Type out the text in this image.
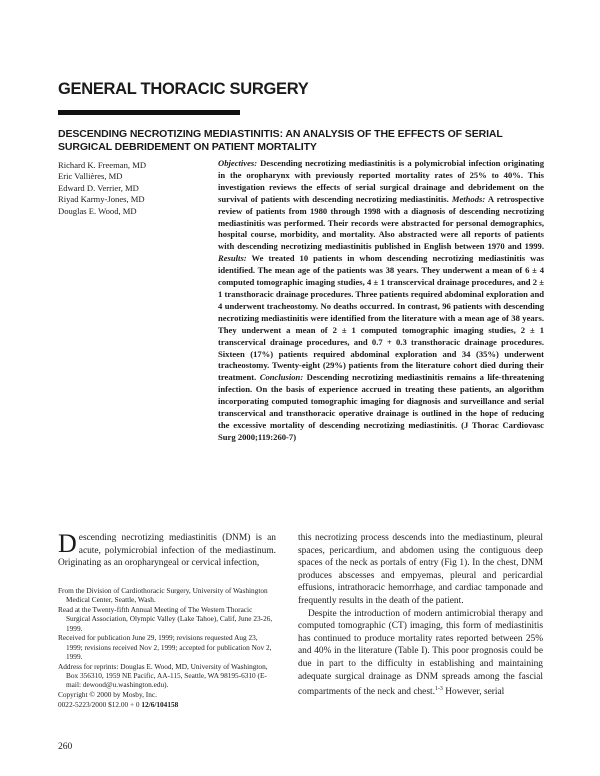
GENERAL THORACIC SURGERY
DESCENDING NECROTIZING MEDIASTINITIS: AN ANALYSIS OF THE EFFECTS OF SERIAL SURGICAL DEBRIDEMENT ON PATIENT MORTALITY
Richard K. Freeman, MD
Eric Vallières, MD
Edward D. Verrier, MD
Riyad Karmy-Jones, MD
Douglas E. Wood, MD
Objectives: Descending necrotizing mediastinitis is a polymicrobial infection originating in the oropharynx with previously reported mortality rates of 25% to 40%. This investigation reviews the effects of serial surgical drainage and debridement on the survival of patients with descending necrotizing mediastinitis. Methods: A retrospective review of patients from 1980 through 1998 with a diagnosis of descending necrotizing mediastinitis was performed. Their records were abstracted for personal demographics, hospital course, morbidity, and mortality. Also abstracted were all reports of patients with descending necrotizing mediastinitis published in English between 1970 and 1999. Results: We treated 10 patients in whom descending necrotizing mediastinitis was identified. The mean age of the patients was 38 years. They underwent a mean of 6 ± 4 computed tomographic imaging studies, 4 ± 1 transcervical drainage procedures, and 2 ± 1 transthoracic drainage procedures. Three patients required abdominal exploration and 4 underwent tracheostomy. No deaths occurred. In contrast, 96 patients with descending necrotizing mediastinitis were identified from the literature with a mean age of 38 years. They underwent a mean of 2 ± 1 computed tomographic imaging studies, 2 ± 1 transcervical drainage procedures, and 0.7 + 0.3 transthoracic drainage procedures. Sixteen (17%) patients required abdominal exploration and 34 (35%) underwent tracheostomy. Twenty-eight (29%) patients from the literature cohort died during their treatment. Conclusion: Descending necrotizing mediastinitis remains a life-threatening infection. On the basis of experience accrued in treating these patients, an algorithm incorporating computed tomographic imaging for diagnosis and surveillance and serial transcervical and transthoracic operative drainage is outlined in the hope of reducing the excessive mortality of descending necrotizing mediastinitis. (J Thorac Cardiovasc Surg 2000;119:260-7)
Descending necrotizing mediastinitis (DNM) is an acute, polymicrobial infection of the mediastinum. Originating as an oropharyngeal or cervical infection,

From the Division of Cardiothoracic Surgery, University of Washington Medical Center, Seattle, Wash.

Read at the Twenty-fifth Annual Meeting of The Western Thoracic Surgical Association, Olympic Valley (Lake Tahoe), Calif, June 23-26, 1999.

Received for publication June 29, 1999; revisions requested Aug 23, 1999; revisions received Nov 2, 1999; accepted for publication Nov 2, 1999.

Address for reprints: Douglas E. Wood, MD, University of Washington, Box 356310, 1959 NE Pacific, AA-115, Seattle, WA 98195-6310 (E-mail: dewood@u.washington.edu).

Copyright © 2000 by Mosby, Inc.

0022-5223/2000 $12.00 + 0 12/6/104158

this necrotizing process descends into the mediastinum, pleural spaces, pericardium, and abdomen using the contiguous deep spaces of the neck as portals of entry (Fig 1). In the chest, DNM produces abscesses and empyemas, pleural and pericardial effusions, intrathoracic hemorrhage, and cardiac tamponade and frequently results in the death of the patient.

Despite the introduction of modern antimicrobial therapy and computed tomographic (CT) imaging, this form of mediastinitis has continued to produce mortality rates reported between 25% and 40% in the literature (Table I). This poor prognosis could be due in part to the difficulty in establishing and maintaining adequate surgical drainage as DNM spreads among the fascial compartments of the neck and chest.$^{1-3}$ However, serial

260
